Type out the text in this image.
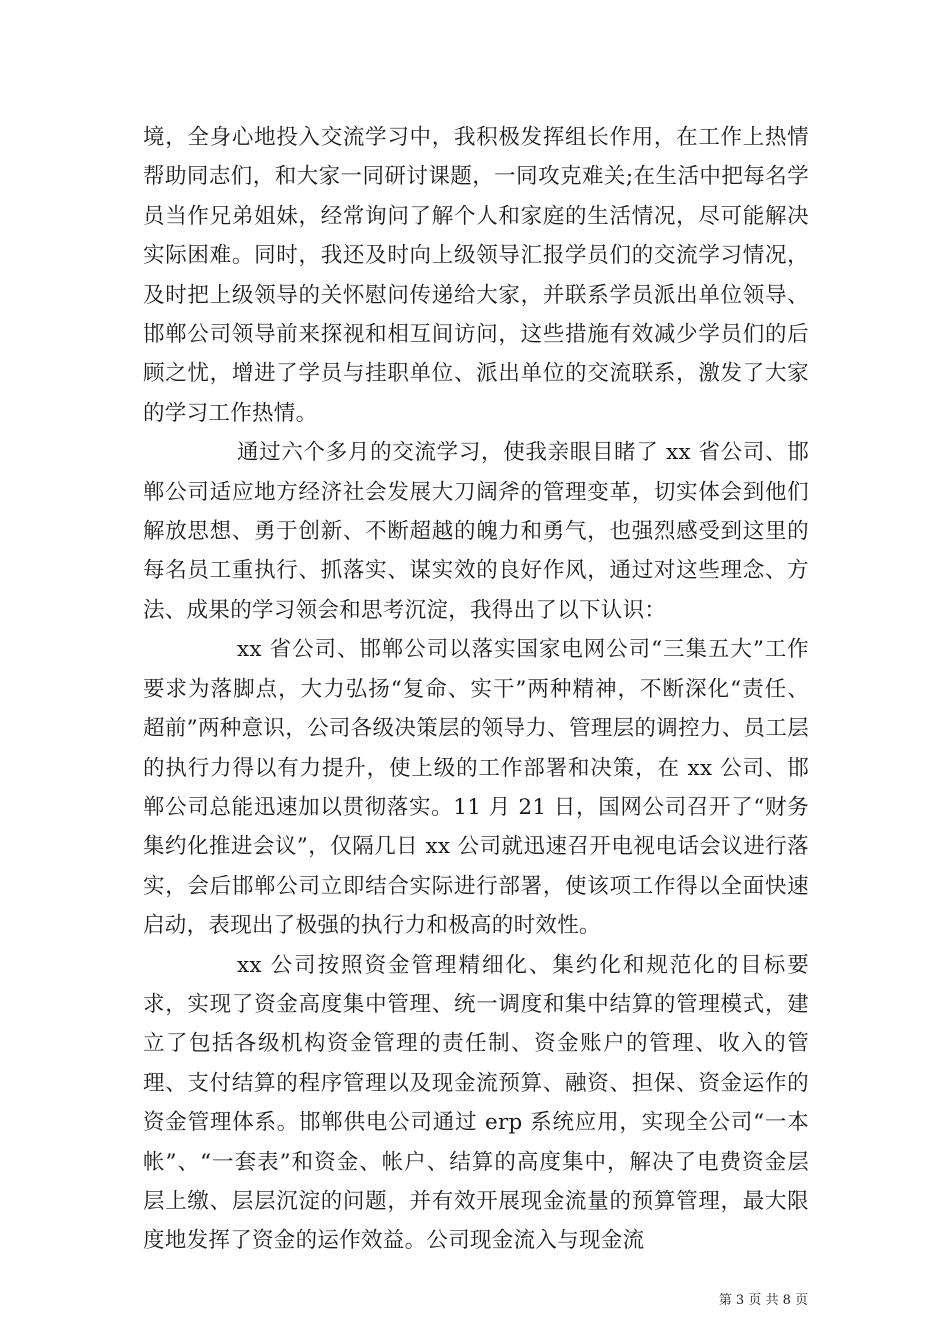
境，全身心地投入交流学习中，我积极发挥组长作用，在工作上热情帮助同志们，和大家一同研讨课题，一同攻克难关;在生活中把每名学员当作兄弟姐妹，经常询问了解个人和家庭的生活情况，尽可能解决实际困难。同时，我还及时向上级领导汇报学员们的交流学习情况，及时把上级领导的关怀慰问传递给大家，并联系学员派出单位领导、邯郸公司领导前来探视和相互间访问，这些措施有效减少学员们的后顾之忧，增进了学员与挂职单位、派出单位的交流联系，激发了大家的学习工作热情。

通过六个多月的交流学习，使我亲眼目睹了 xx 省公司、邯郸公司适应地方经济社会发展大刀阔斧的管理变革，切实体会到他们解放思想、勇于创新、不断超越的魄力和勇气，也强烈感受到这里的每名员工重执行、抓落实、谋实效的良好作风，通过对这些理念、方法、成果的学习领会和思考沉淀，我得出了以下认识：

xx 省公司、邯郸公司以落实国家电网公司“三集五大”工作要求为落脚点，大力弘扬“复命、实干”两种精神，不断深化“责任、超前”两种意识，公司各级决策层的领导力、管理层的调控力、员工层的执行力得以有力提升，使上级的工作部署和决策，在 xx 公司、邯郸公司总能迅速加以贯彻落实。11 月 21 日，国网公司召开了“财务集约化推进会议”，仅隔几日 xx 公司就迅速召开电视电话会议进行落实，会后邯郸公司立即结合实际进行部署，使该项工作得以全面快速启动，表现出了极强的执行力和极高的时效性。

xx 公司按照资金管理精细化、集约化和规范化的目标要求，实现了资金高度集中管理、统一调度和集中结算的管理模式，建立了包括各级机构资金管理的责任制、资金账户的管理、收入的管理、支付结算的程序管理以及现金流预算、融资、担保、资金运作的资金管理体系。邯郸供电公司通过 erp 系统应用，实现全公司“一本帐”、“一套表”和资金、帐户、结算的高度集中，解决了电费资金层层上缴、层层沉淀的问题，并有效开展现金流量的预算管理，最大限度地发挥了资金的运作效益。公司现金流入与现金流

第 3 页 共 8 页
